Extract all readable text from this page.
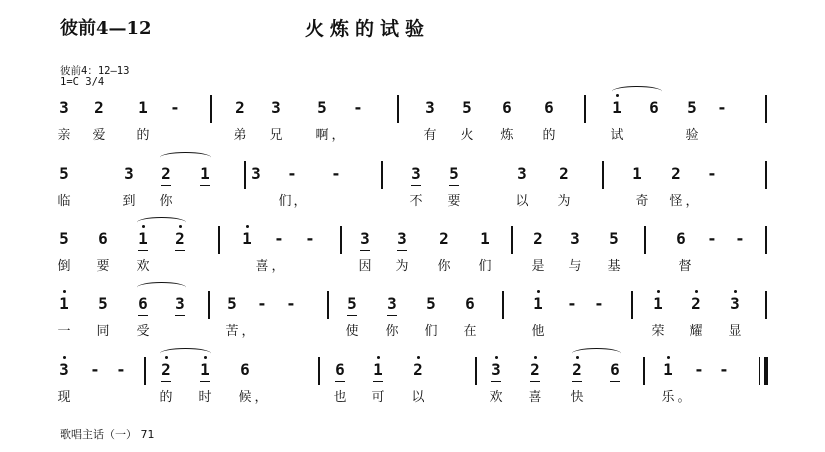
彼前4—12	火炼的试验
彼前4：12—13
1=C 3/4
3 2 1 -	2 3 5 -	3 5 6 6	1 6 5 -
亲 爱 的	弟 兄	啊 ，	有 火 炼 的	试	验
5	3 2 1	3 - -	3 5	3 2	1 2 -
临	到 你	们 ，	不 要	以 为	奇 怪 ，
5 6 1 2	1 - -	3 3 2 1	2 3 5	6 - -
倒 要 欢	喜 ，	因 为 你 们	是 与 基	督
1 5 6 3	5 - -	5 3 5 6	1 - -	1 2 3
一 同 受	苦 ，	使 你 们 在	他	荣 耀 显
3 - - 2 1 6	6 1 2	3 2 2 6	1 - -
现	的 时 候 ，	也 可 以	欢 喜 快	乐 。
歌唱主话（一） 71
